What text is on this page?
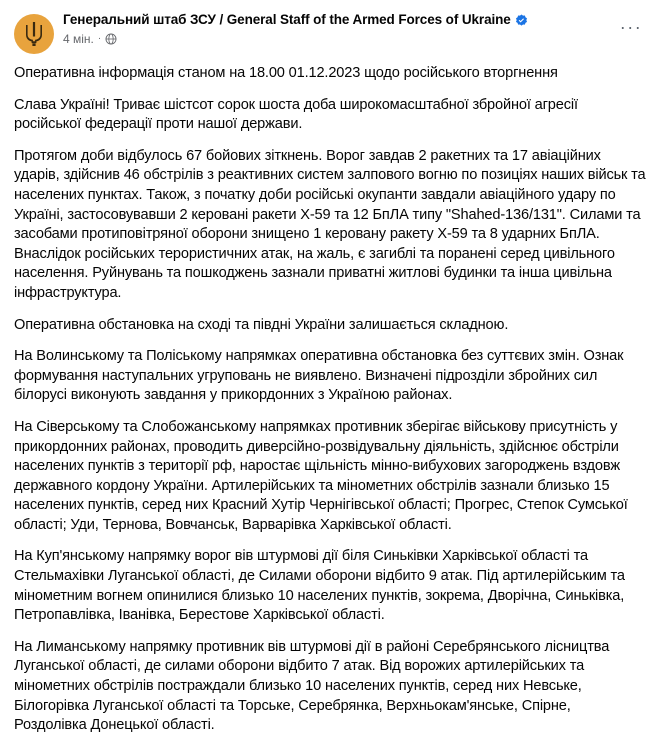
Генеральний штаб ЗСУ / General Staff of the Armed Forces of Ukraine
4 мін. ·
···

Оперативна інформація станом на 18.00 01.12.2023 щодо російського вторгнення

Слава Україні! Триває шістсот сорок шоста доба широкомасштабної збройної агресії російської федерації проти нашої держави.

Протягом доби відбулось 67 бойових зіткнень. Ворог завдав 2 ракетних та 17 авіаційних ударів, здійснив 46 обстрілів з реактивних систем залпового вогню по позиціях наших військ та населених пунктах. Також, з початку доби російські окупанти завдали авіаційного удару по Україні, застосовувавши 2 керовані ракети Х-59 та 12 БпЛА типу "Shahed-136/131". Силами та засобами протиповітряної оборони знищено 1 керовану ракету Х-59 та 8 ударних БпЛА. Внаслідок російських терористичних атак, на жаль, є загиблі та поранені серед цивільного населення. Руйнувань та пошкоджень зазнали приватні житлові будинки та інша цивільна інфраструктура.

Оперативна обстановка на сході та півдні України залишається складною.

На Волинському та Поліському напрямках оперативна обстановка без суттєвих змін. Ознак формування наступальних угруповань не виявлено. Визначені підрозділи збройних сил білорусі виконують завдання у прикордонних з Україною районах.

На Сіверському та Слобожанському напрямках противник зберігає військову присутність у прикордонних районах, проводить диверсійно-розвідувальну діяльність, здійснює обстріли населених пунктів з території рф, наростає щільність мінно-вибухових загороджень вздовж державного кордону України. Артилерійських та мінометних обстрілів зазнали близько 15 населених пунктів, серед них Красний Хутір Чернігівської області; Прогрес, Степок Сумської області; Уди, Тернова, Вовчанськ, Варварівка Харківської області.

На Куп'янському напрямку ворог вів штурмові дії біля Синьківки Харківської області та Стельмахівки Луганської області, де Силами оборони відбито 9 атак. Під артилерійським та мінометним вогнем опинилися близько 10 населених пунктів, зокрема, Дворічна, Синьківка, Петропавлівка, Іванівка, Берестове Харківської області.

На Лиманському напрямку противник вів штурмові дії в районі Серебрянського лісництва Луганської області, де силами оборони відбито 7 атак. Від ворожих артилерійських та мінометних обстрілів постраждали близько 10 населених пунктів, серед них Невське, Білогорівка Луганської області та Торське, Серебрянка, Верхньокам'янське, Спірне, Роздолівка Донецької області.
